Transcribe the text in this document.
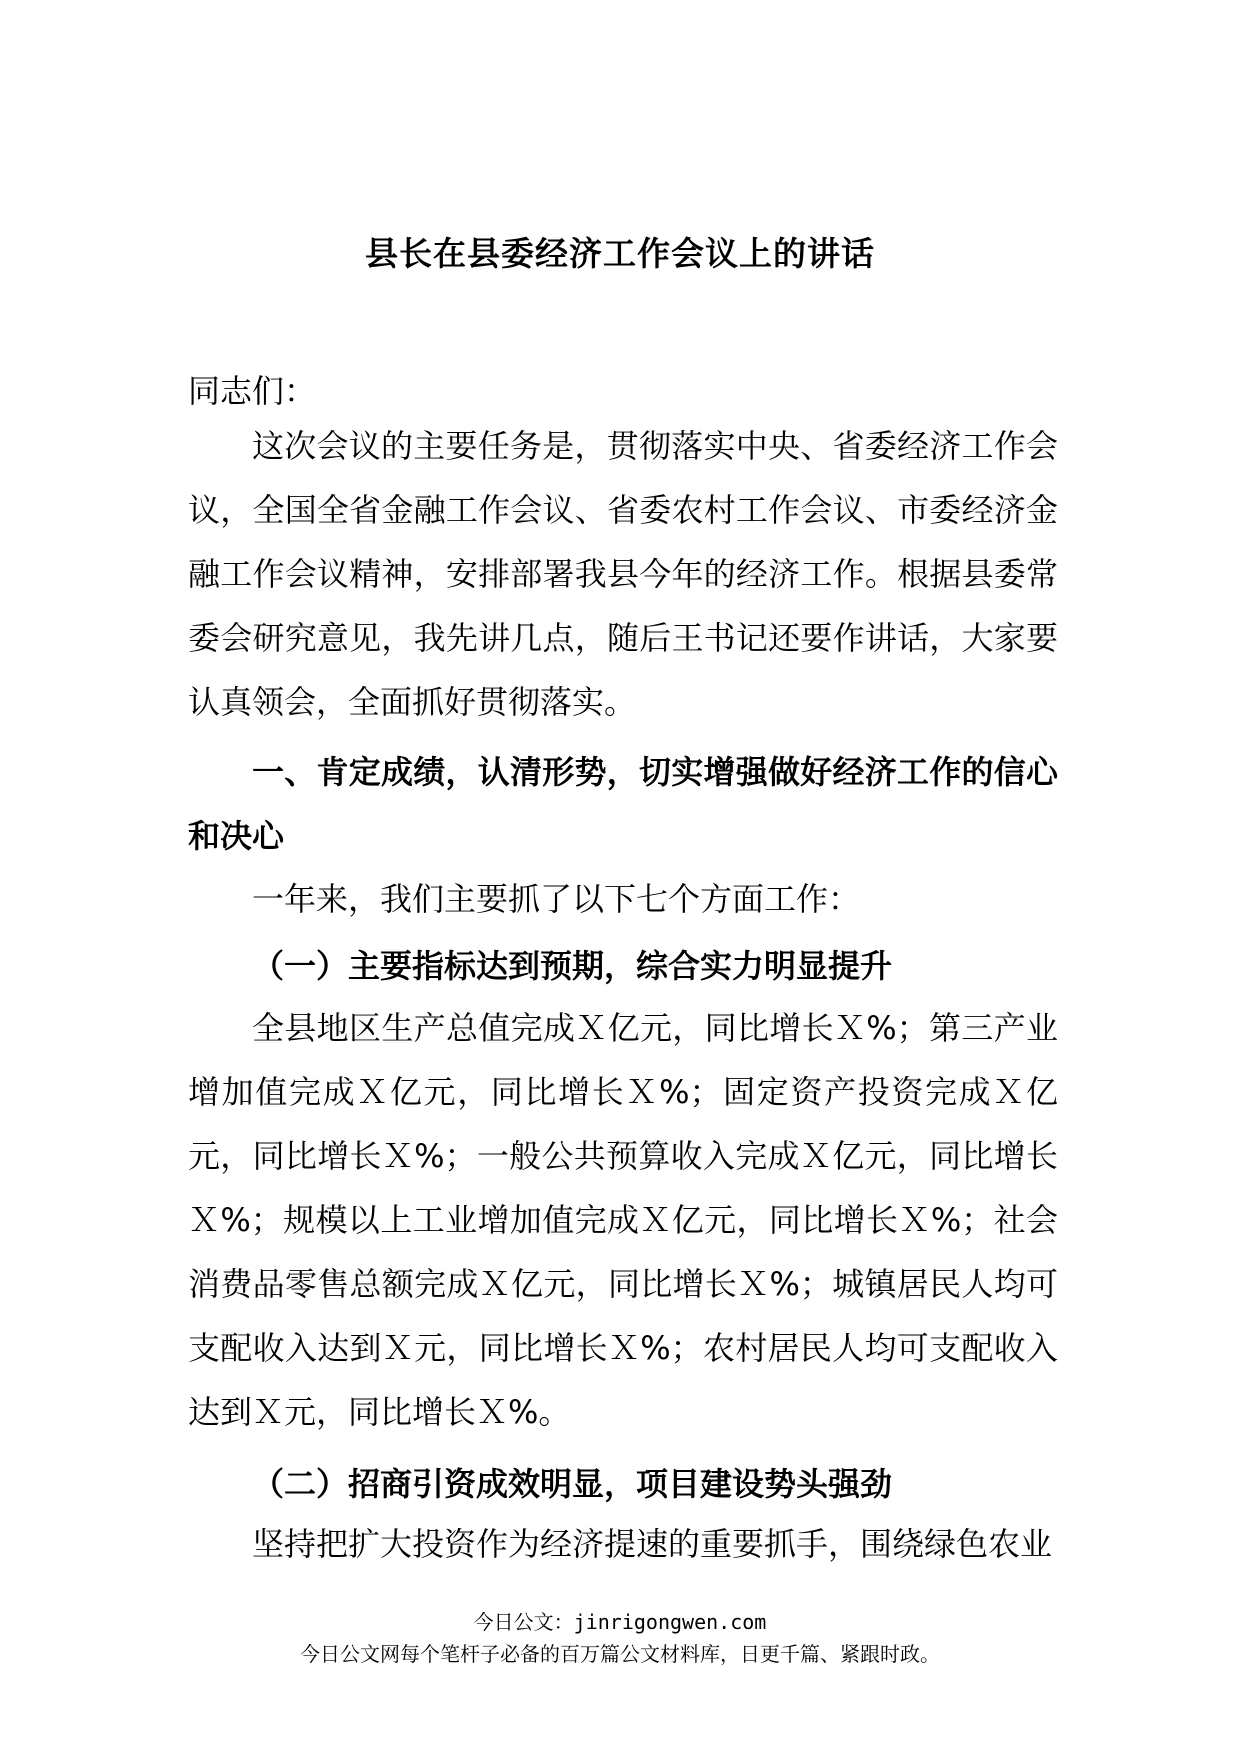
县长在县委经济工作会议上的讲话
同志们：
这次会议的主要任务是，贯彻落实中央、省委经济工作会议，全国全省金融工作会议、省委农村工作会议、市委经济金融工作会议精神，安排部署我县今年的经济工作。根据县委常委会研究意见，我先讲几点，随后王书记还要作讲话，大家要认真领会，全面抓好贯彻落实。
一、肯定成绩，认清形势，切实增强做好经济工作的信心和决心
一年来，我们主要抓了以下七个方面工作：
（一）主要指标达到预期，综合实力明显提升
全县地区生产总值完成Ｘ亿元，同比增长Ｘ%；第三产业增加值完成Ｘ亿元，同比增长Ｘ%；固定资产投资完成Ｘ亿元，同比增长Ｘ%；一般公共预算收入完成Ｘ亿元，同比增长Ｘ%；规模以上工业增加值完成Ｘ亿元，同比增长Ｘ%；社会消费品零售总额完成Ｘ亿元，同比增长Ｘ%；城镇居民人均可支配收入达到Ｘ元，同比增长Ｘ%；农村居民人均可支配收入达到Ｘ元，同比增长Ｘ%。
（二）招商引资成效明显，项目建设势头强劲
坚持把扩大投资作为经济提速的重要抓手，围绕绿色农业
今日公文：jinrigongwen.com
今日公文网每个笔杆子必备的百万篇公文材料库，日更千篇、紧跟时政。
